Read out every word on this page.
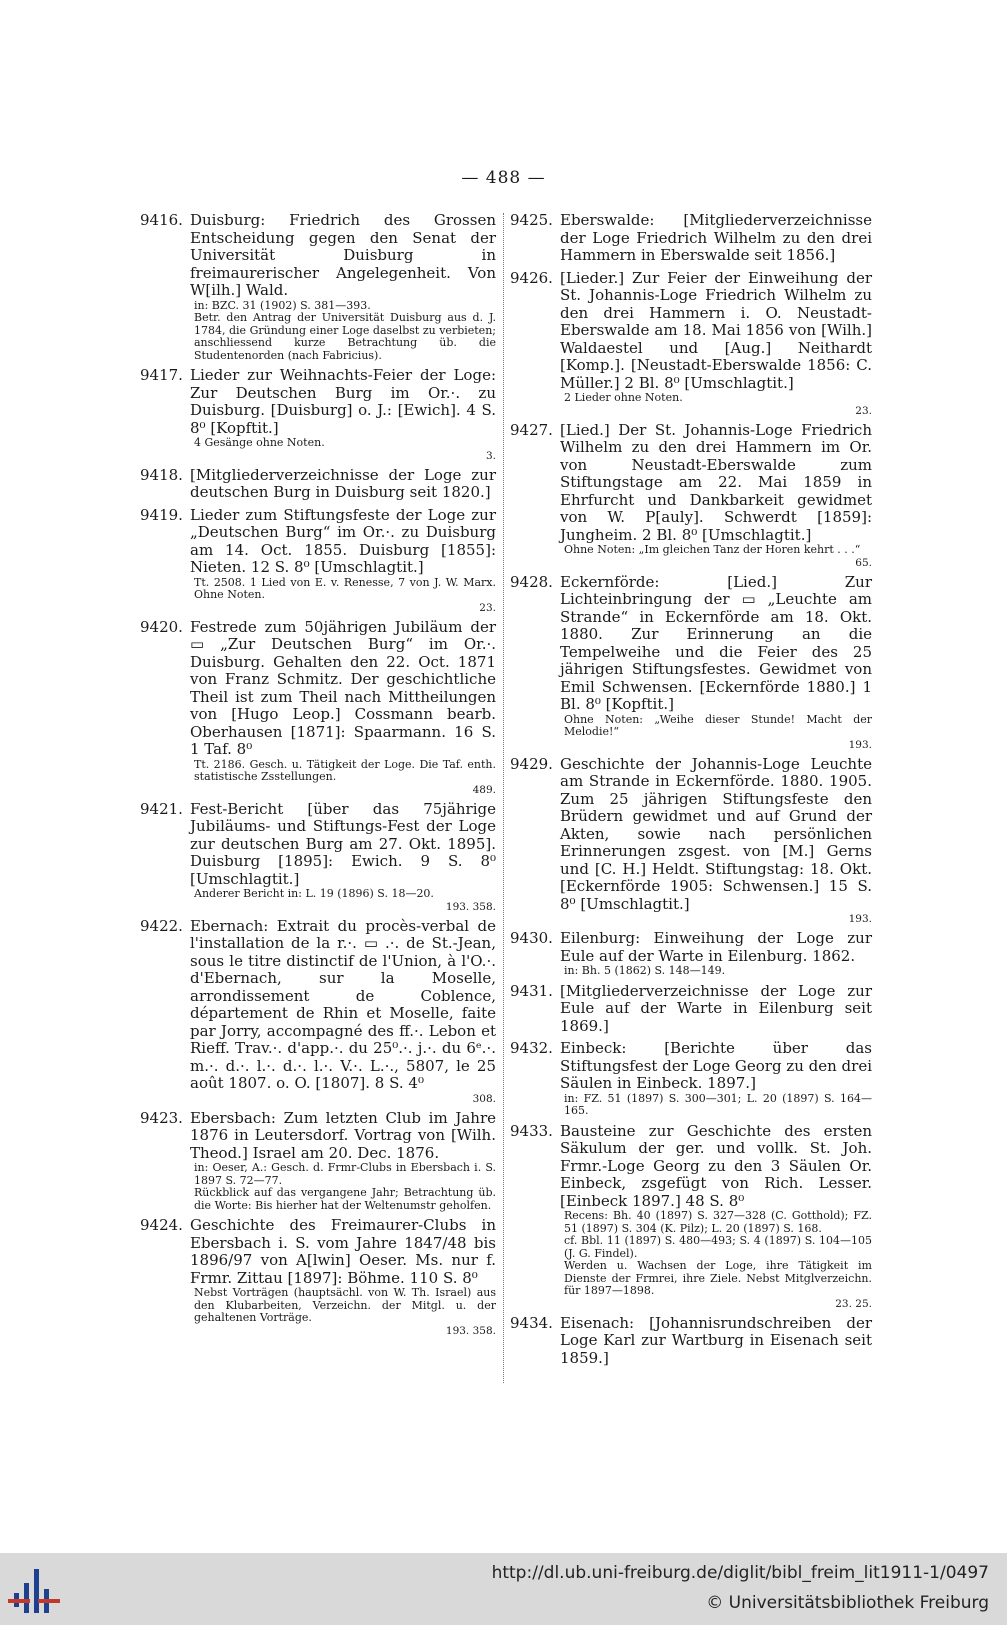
— 488 —
9416. Duisburg: Friedrich des Grossen Entscheidung gegen den Senat der Universität Duisburg in freimaurerischer Angelegenheit. Von W[ilh.] Wald.
in: BZC. 31 (1902) S. 381—393.
Betr. den Antrag der Universität Duisburg aus d. J. 1784, die Gründung einer Loge daselbst zu verbieten; anschliessend kurze Betrachtung üb. die Studentenorden (nach Fabricius).
9417. Lieder zur Weihnachts-Feier der Loge: Zur Deutschen Burg im Or.·. zu Duisburg. [Duisburg] o. J.: [Ewich]. 4 S. 8⁰ [Kopftit.]
4 Gesänge ohne Noten.
3.
9418. [Mitgliederverzeichnisse der Loge zur deutschen Burg in Duisburg seit 1820.]
9419. Lieder zum Stiftungsfeste der Loge zur „Deutschen Burg“ im Or.·. zu Duisburg am 14. Oct. 1855. Duisburg [1855]: Nieten. 12 S. 8⁰ [Umschlagtit.]
Tt. 2508. 1 Lied von E. v. Renesse, 7 von J. W. Marx. Ohne Noten.
23.
9420. Festrede zum 50jährigen Jubiläum der ▭ „Zur Deutschen Burg“ im Or.·. Duisburg. Gehalten den 22. Oct. 1871 von Franz Schmitz. Der geschichtliche Theil ist zum Theil nach Mittheilungen von [Hugo Leop.] Cossmann bearb. Oberhausen [1871]: Spaarmann. 16 S. 1 Taf. 8⁰
Tt. 2186. Gesch. u. Tätigkeit der Loge. Die Taf. enth. statistische Zsstellungen.
489.
9421. Fest-Bericht [über das 75jährige Jubiläums- und Stiftungs-Fest der Loge zur deutschen Burg am 27. Okt. 1895]. Duisburg [1895]: Ewich. 9 S. 8⁰ [Umschlagtit.]
Anderer Bericht in: L. 19 (1896) S. 18—20.
193. 358.
9422. Ebernach: Extrait du procès-verbal de l'installation de la r.·. ▭ .·. de St.-Jean, sous le titre distinctif de l'Union, à l'O.·. d'Ebernach, sur la Moselle, arrondissement de Coblence, département de Rhin et Moselle, faite par Jorry, accompagné des ff.·. Lebon et Rieff. Trav.·. d'app.·. du 25⁰.·. j.·. du 6ᵉ.·. m.·. d.·. l.·. d.·. l.·. V.·. L.·., 5807, le 25 août 1807. o. O. [1807]. 8 S. 4⁰
308.
9423. Ebersbach: Zum letzten Club im Jahre 1876 in Leutersdorf. Vortrag von [Wilh. Theod.] Israel am 20. Dec. 1876.
in: Oeser, A.: Gesch. d. Frmr-Clubs in Ebersbach i. S. 1897 S. 72—77.
Rückblick auf das vergangene Jahr; Betrachtung üb. die Worte: Bis hierher hat der Weltenumstr geholfen.
9424. Geschichte des Freimaurer-Clubs in Ebersbach i. S. vom Jahre 1847/48 bis 1896/97 von A[lwin] Oeser. Ms. nur f. Frmr. Zittau [1897]: Böhme. 110 S. 8⁰
Nebst Vorträgen (hauptsächl. von W. Th. Israel) aus den Klubarbeiten, Verzeichn. der Mitgl. u. der gehaltenen Vorträge.
193. 358.
9425. Eberswalde: [Mitgliederverzeichnisse der Loge Friedrich Wilhelm zu den drei Hammern in Eberswalde seit 1856.]
9426. [Lieder.] Zur Feier der Einweihung der St. Johannis-Loge Friedrich Wilhelm zu den drei Hammern i. O. Neustadt-Eberswalde am 18. Mai 1856 von [Wilh.] Waldaestel und [Aug.] Neithardt [Komp.]. [Neustadt-Eberswalde 1856: C. Müller.] 2 Bl. 8⁰ [Umschlagtit.]
2 Lieder ohne Noten.
23.
9427. [Lied.] Der St. Johannis-Loge Friedrich Wilhelm zu den drei Hammern im Or. von Neustadt-Eberswalde zum Stiftungstage am 22. Mai 1859 in Ehrfurcht und Dankbarkeit gewidmet von W. P[auly]. Schwerdt [1859]: Jungheim. 2 Bl. 8⁰ [Umschlagtit.]
Ohne Noten: „Im gleichen Tanz der Horen kehrt . . .“
65.
9428. Eckernförde: [Lied.] Zur Lichteinbringung der ▭ „Leuchte am Strande“ in Eckernförde am 18. Okt. 1880. Zur Erinnerung an die Tempelweihe und die Feier des 25 jährigen Stiftungsfestes. Gewidmet von Emil Schwensen. [Eckernförde 1880.] 1 Bl. 8⁰ [Kopftit.]
Ohne Noten: „Weihe dieser Stunde! Macht der Melodie!“
193.
9429. Geschichte der Johannis-Loge Leuchte am Strande in Eckernförde. 1880. 1905. Zum 25 jährigen Stiftungsfeste den Brüdern gewidmet und auf Grund der Akten, sowie nach persönlichen Erinnerungen zsgest. von [M.] Gerns und [C. H.] Heldt. Stiftungstag: 18. Okt. [Eckernförde 1905: Schwensen.] 15 S. 8⁰ [Umschlagtit.]
193.
9430. Eilenburg: Einweihung der Loge zur Eule auf der Warte in Eilenburg. 1862.
in: Bh. 5 (1862) S. 148—149.
9431. [Mitgliederverzeichnisse der Loge zur Eule auf der Warte in Eilenburg seit 1869.]
9432. Einbeck: [Berichte über das Stiftungsfest der Loge Georg zu den drei Säulen in Einbeck. 1897.]
in: FZ. 51 (1897) S. 300—301; L. 20 (1897) S. 164—165.
9433. Bausteine zur Geschichte des ersten Säkulum der ger. und vollk. St. Joh. Frmr.-Loge Georg zu den 3 Säulen Or. Einbeck, zsgefügt von Rich. Lesser. [Einbeck 1897.] 48 S. 8⁰
Recens: Bh. 40 (1897) S. 327—328 (C. Gotthold); FZ. 51 (1897) S. 304 (K. Pilz); L. 20 (1897) S. 168.
cf. Bbl. 11 (1897) S. 480—493; S. 4 (1897) S. 104—105 (J. G. Findel).
Werden u. Wachsen der Loge, ihre Tätigkeit im Dienste der Frmrei, ihre Ziele. Nebst Mitglverzeichn. für 1897—1898.
23. 25.
9434. Eisenach: [Johannisrundschreiben der Loge Karl zur Wartburg in Eisenach seit 1859.]
http://dl.ub.uni-freiburg.de/diglit/bibl_freim_lit1911-1/0497
© Universitätsbibliothek Freiburg
